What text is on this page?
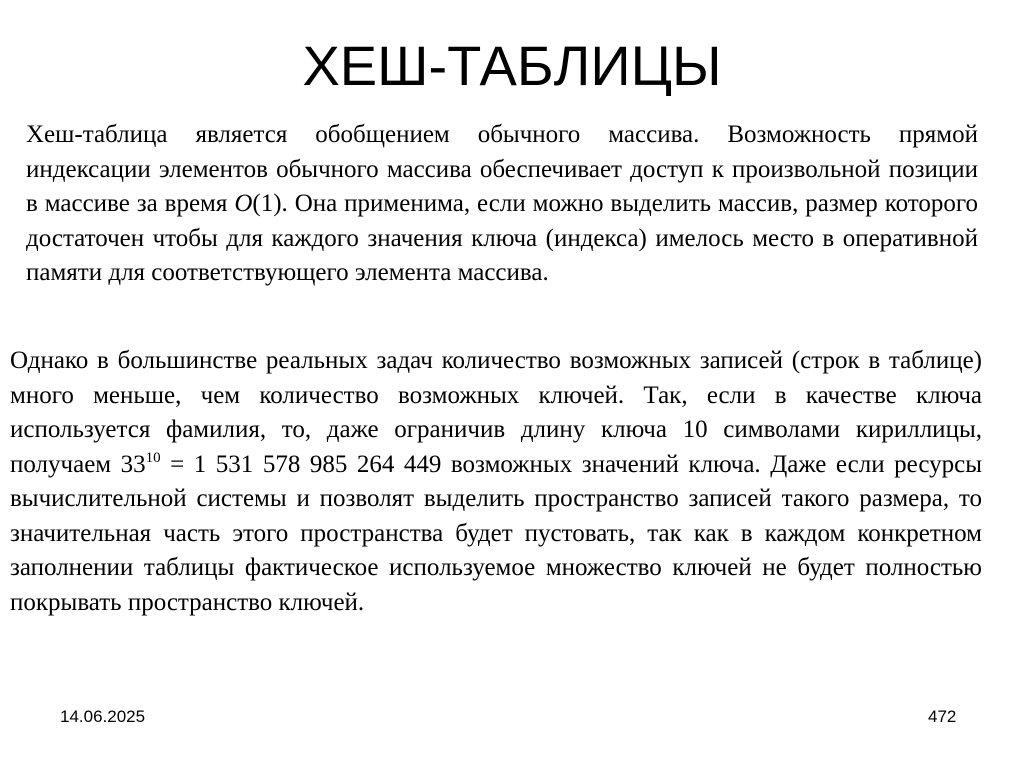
ХЕШ-ТАБЛИЦЫ
Хеш-таблица является обобщением обычного массива. Возможность прямой индексации элементов обычного массива обеспечивает доступ к произвольной позиции в массиве за время O(1). Она применима, если можно выделить массив, размер которого достаточен чтобы для каждого значения ключа (индекса) имелось место в оперативной памяти для соответствующего элемента массива.
Однако в большинстве реальных задач количество возможных записей (строк в таблице) много меньше, чем количество возможных ключей. Так, если в качестве ключа используется фамилия, то, даже ограничив длину ключа 10 символами кириллицы, получаем $33^{10} = 1$ 531 578 985 264 449 возможных значений ключа. Даже если ресурсы вычислительной системы и позволят выделить пространство записей такого размера, то значительная часть этого пространства будет пустовать, так как в каждом конкретном заполнении таблицы фактическое используемое множество ключей не будет полностью покрывать пространство ключей.
14.06.2025	472
